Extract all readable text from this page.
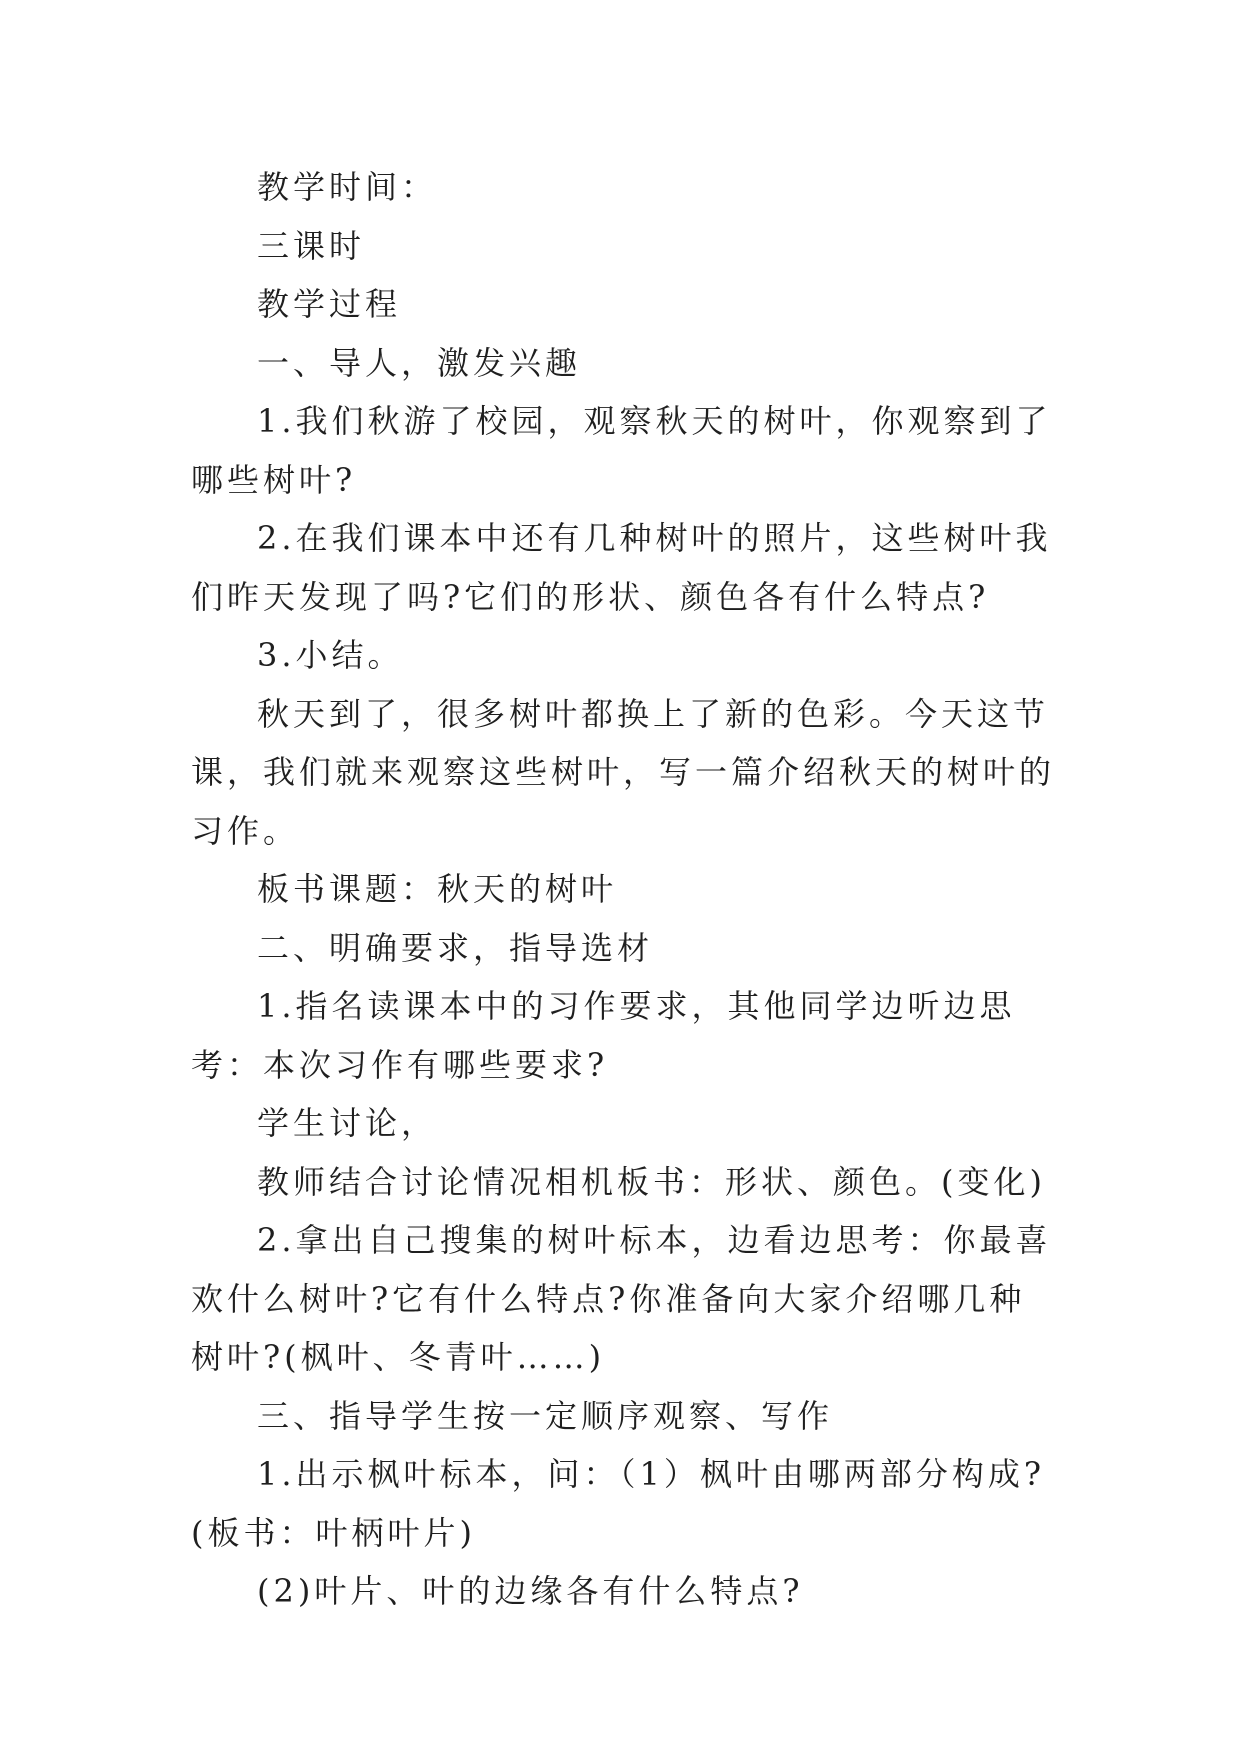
教学时间：

三课时

教学过程

一、导人，激发兴趣

1.我们秋游了校园，观察秋天的树叶，你观察到了哪些树叶?

2.在我们课本中还有几种树叶的照片，这些树叶我们昨天发现了吗?它们的形状、颜色各有什么特点?

3.小结。

秋天到了，很多树叶都换上了新的色彩。今天这节课，我们就来观察这些树叶，写一篇介绍秋天的树叶的习作。

板书课题：秋天的树叶

二、明确要求，指导选材

1.指名读课本中的习作要求，其他同学边听边思考：本次习作有哪些要求?

学生讨论，

教师结合讨论情况相机板书：形状、颜色。(变化)

2.拿出自己搜集的树叶标本，边看边思考：你最喜欢什么树叶?它有什么特点?你准备向大家介绍哪几种树叶?(枫叶、冬青叶……)

三、指导学生按一定顺序观察、写作

1.出示枫叶标本，问：（1）枫叶由哪两部分构成?(板书：叶柄叶片)

(2)叶片、叶的边缘各有什么特点?
